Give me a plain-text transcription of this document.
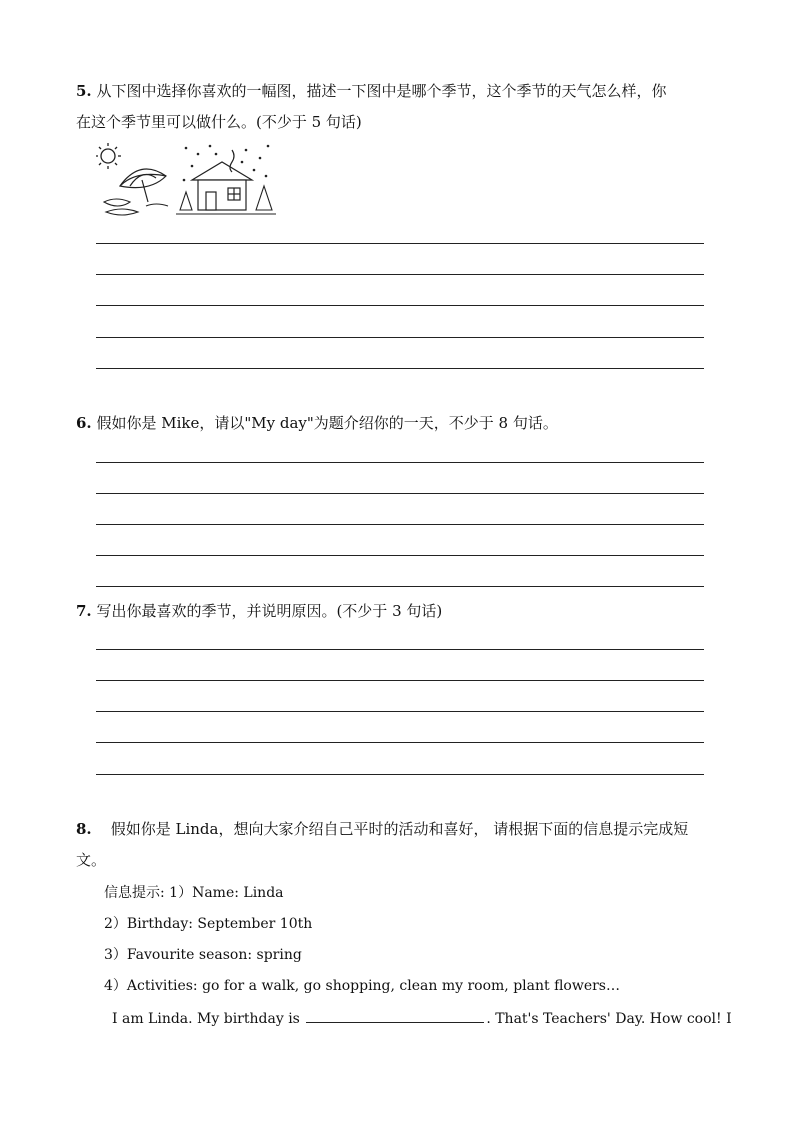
5. 从下图中选择你喜欢的一幅图，描述一下图中是哪个季节，这个季节的天气怎么样，你
在这个季节里可以做什么。(不少于 5 句话)
6. 假如你是 Mike，请以"My day"为题介绍你的一天，不少于 8 句话。
7. 写出你最喜欢的季节，并说明原因。(不少于 3 句话)
8. 假如你是 Linda，想向大家介绍自己平时的活动和喜好， 请根据下面的信息提示完成短
文。
信息提示: 1）Name: Linda
2）Birthday: September 10th
3）Favourite season: spring
4）Activities: go for a walk, go shopping, clean my room, plant flowers…
I am Linda. My birthday is	. That's Teachers' Day. How cool! I
